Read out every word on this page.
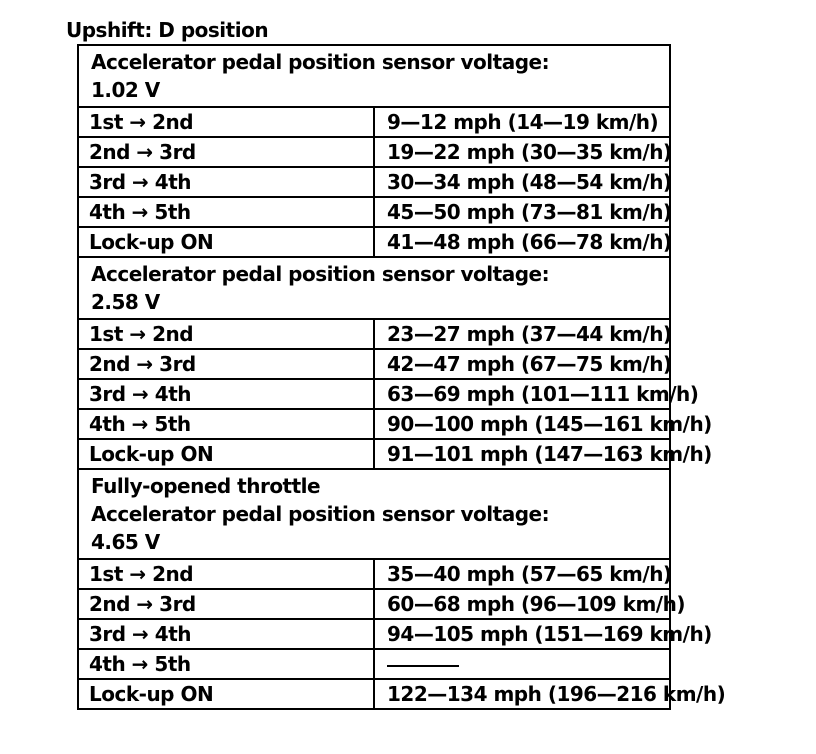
Upshift: D position
Accelerator pedal position sensor voltage:
1.02 V	

1st → 2nd	9—12 mph (14—19 km/h)
2nd → 3rd	19—22 mph (30—35 km/h)
3rd → 4th	30—34 mph (48—54 km/h)
4th → 5th	45—50 mph (73—81 km/h)
Lock-up ON	41—48 mph (66—78 km/h)

Accelerator pedal position sensor voltage:
2.58 V	

1st → 2nd	23—27 mph (37—44 km/h)
2nd → 3rd	42—47 mph (67—75 km/h)
3rd → 4th	63—69 mph (101—111 km/h)
4th → 5th	90—100 mph (145—161 km/h)
Lock-up ON	91—101 mph (147—163 km/h)

Fully-opened throttle
Accelerator pedal position sensor voltage:
4.65 V	

1st → 2nd	35—40 mph (57—65 km/h)
2nd → 3rd	60—68 mph (96—109 km/h)
3rd → 4th	94—105 mph (151—169 km/h)
4th → 5th	
Lock-up ON	122—134 mph (196—216 km/h)
